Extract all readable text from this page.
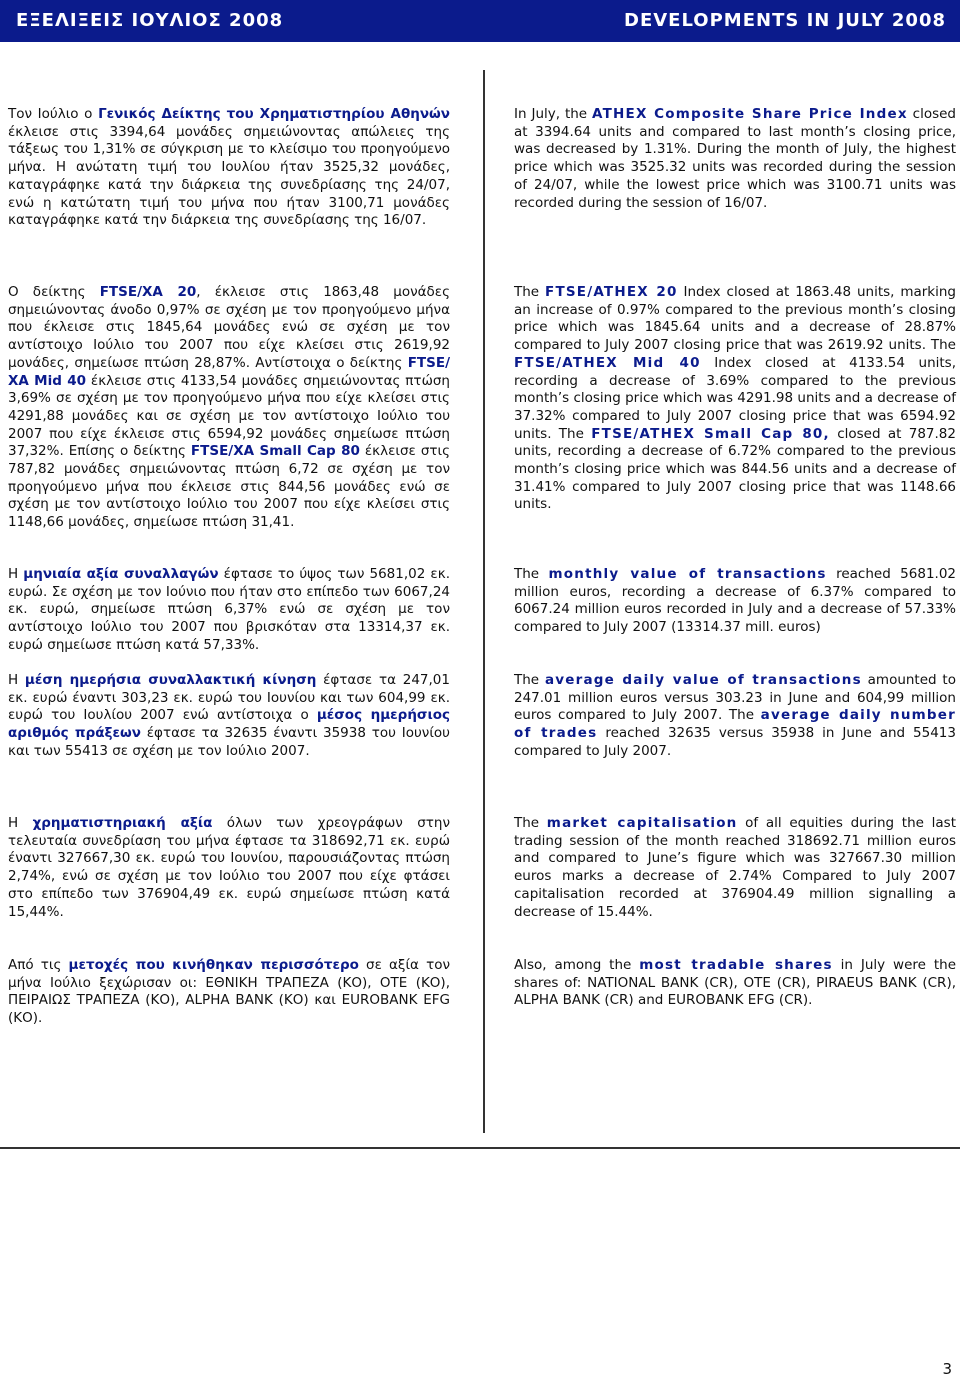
ΕΞΕΛΙΞΕΙΣ ΙΟΥΛΙΟΣ 2008	DEVELOPMENTS IN JULY 2008
Τον Ιούλιο ο Γενικός Δείκτης του Χρηματιστηρίου Αθηνών έκλεισε στις 3394,64 μονάδες σημειώνοντας απώλειες της τάξεως του 1,31% σε σύγκριση με το κλείσιμο του προηγούμενο μήνα. Η ανώτατη τιμή του Ιουλίου ήταν 3525,32 μονάδες, καταγράφηκε κατά την διάρκεια της συνεδρίασης της 24/07, ενώ η κατώτατη τιμή του μήνα που ήταν 3100,71 μονάδες καταγράφηκε κατά την διάρκεια της συνεδρίασης της 16/07.
Ο δείκτης FTSE/ΧΑ 20, έκλεισε στις 1863,48 μονάδες σημειώνοντας άνοδο 0,97% σε σχέση με τον προηγούμενο μήνα που έκλεισε στις 1845,64 μονάδες ενώ σε σχέση με τον αντίστοιχο Ιούλιο του 2007 που είχε κλείσει στις 2619,92 μονάδες, σημείωσε πτώση 28,87%. Αντίστοιχα ο δείκτης FTSE/ΧΑ Mid 40 έκλεισε στις 4133,54 μονάδες σημειώνοντας πτώση 3,69% σε σχέση με τον προηγούμενο μήνα που είχε κλείσει στις 4291,88 μονάδες και σε σχέση με τον αντίστοιχο Ιούλιο του 2007 που είχε έκλεισε στις 6594,92 μονάδες σημείωσε πτώση 37,32%. Επίσης ο δείκτης FTSE/ΧΑ Small Cap 80 έκλεισε στις 787,82 μονάδες σημειώνοντας πτώση 6,72 σε σχέση με τον προηγούμενο μήνα που έκλεισε στις 844,56 μονάδες ενώ σε σχέση με τον αντίστοιχο Ιούλιο του 2007 που είχε κλείσει στις 1148,66 μονάδες, σημείωσε πτώση 31,41.
Η μηνιαία αξία συναλλαγών έφτασε το ύψος των 5681,02 εκ. ευρώ. Σε σχέση με τον Ιούνιο που ήταν στο επίπεδο των 6067,24 εκ. ευρώ, σημείωσε πτώση 6,37% ενώ σε σχέση με τον αντίστοιχο Ιούλιο του 2007 που βρισκόταν στα 13314,37 εκ. ευρώ σημείωσε πτώση κατά 57,33%.
Η μέση ημερήσια συναλλακτική κίνηση έφτασε τα 247,01 εκ. ευρώ έναντι 303,23 εκ. ευρώ του Ιουνίου και των 604,99 εκ. ευρώ του Ιουλίου 2007 ενώ αντίστοιχα ο μέσος ημερήσιος αριθμός πράξεων έφτασε τα 32635 έναντι 35938 του Ιουνίου και των 55413 σε σχέση με τον Ιούλιο 2007.
Η χρηματιστηριακή αξία όλων των χρεογράφων στην τελευταία συνεδρίαση του μήνα έφτασε τα 318692,71 εκ. ευρώ έναντι 327667,30 εκ. ευρώ του Ιουνίου, παρουσιάζοντας πτώση 2,74%, ενώ σε σχέση με τον Ιούλιο του 2007 που είχε φτάσει στο επίπεδο των 376904,49 εκ. ευρώ σημείωσε πτώση κατά 15,44%.
Από τις μετοχές που κινήθηκαν περισσότερο σε αξία τον μήνα Ιούλιο ξεχώρισαν οι: ΕΘΝΙΚΗ ΤΡΑΠΕΖΑ (ΚΟ), ΟΤΕ (ΚΟ), ΠΕΙΡΑΙΩΣ ΤΡΑΠΕΖΑ (ΚΟ), ALPHA BANK (ΚΟ) και EUROBANK EFG (ΚΟ).
In July, the ATHEX Composite Share Price Index closed at 3394.64 units and compared to last month’s closing price, was decreased by 1.31%. During the month of July, the highest price which was 3525.32 units was recorded during the session of 24/07, while the lowest price which was 3100.71 units was recorded during the session of 16/07.
The FTSE/ATHEX 20 Index closed at 1863.48 units, marking an increase of 0.97% compared to the previous month’s closing price which was 1845.64 units and a decrease of 28.87% compared to July 2007 closing price that was 2619.92 units. The FTSE/ATHEX Mid 40 Index closed at 4133.54 units, recording a decrease of 3.69% compared to the previous month’s closing price which was 4291.98 units and a decrease of 37.32% compared to July 2007 closing price that was 6594.92 units. The FTSE/ATHEX Small Cap 80, closed at 787.82 units, recording a decrease of 6.72% compared to the previous month’s closing price which was 844.56 units and a decrease of 31.41% compared to July 2007 closing price that was 1148.66 units.
The monthly value of transactions reached 5681.02 million euros, recording a decrease of 6.37% compared to 6067.24 million euros recorded in July and a decrease of 57.33% compared to July 2007 (13314.37 mill. euros)
The average daily value of transactions amounted to 247.01 million euros versus 303.23 in June and 604,99 million euros compared to July 2007. The average daily number of trades reached 32635 versus 35938 in June and 55413 compared to July 2007.
The market capitalisation of all equities during the last trading session of the month reached 318692.71 million euros and compared to June’s figure which was 327667.30 million euros marks a decrease of 2.74% Compared to July 2007 capitalisation recorded at 376904.49 million signalling a decrease of 15.44%.
Also, among the most tradable shares in July were the shares of: NATIONAL BANK (CR), OTE (CR), PIRAEUS BANK (CR), ALPHA BANK (CR) and EUROBANK EFG (CR).
3
